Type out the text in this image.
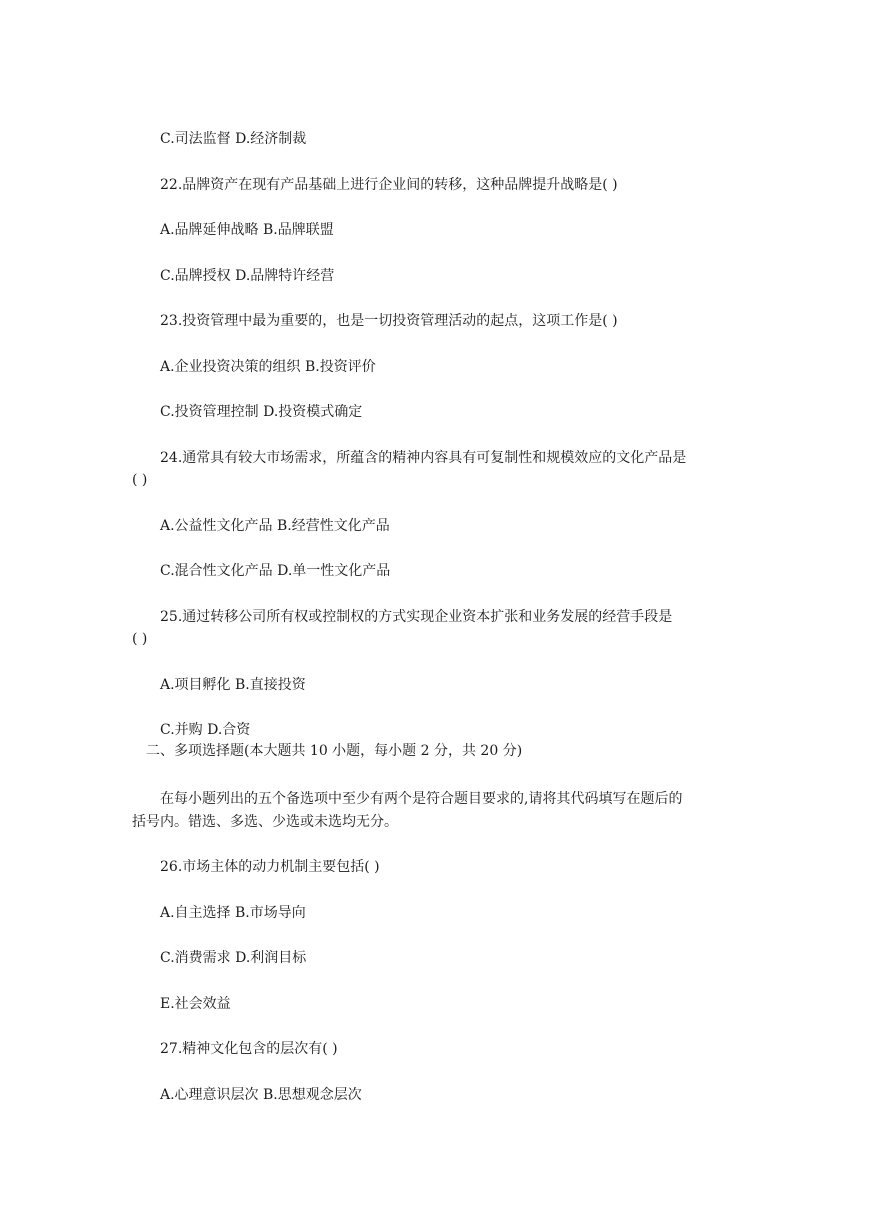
C.司法监督 D.经济制裁
22.品牌资产在现有产品基础上进行企业间的转移，这种品牌提升战略是( )
A.品牌延伸战略 B.品牌联盟
C.品牌授权 D.品牌特许经营
23.投资管理中最为重要的，也是一切投资管理活动的起点，这项工作是( )
A.企业投资决策的组织 B.投资评价
C.投资管理控制 D.投资模式确定
24.通常具有较大市场需求，所蕴含的精神内容具有可复制性和规模效应的文化产品是
( )
A.公益性文化产品 B.经营性文化产品
C.混合性文化产品 D.单一性文化产品
25.通过转移公司所有权或控制权的方式实现企业资本扩张和业务发展的经营手段是
( )
A.项目孵化 B.直接投资
C.并购 D.合资
二、多项选择题(本大题共 10 小题，每小题 2 分，共 20 分)
在每小题列出的五个备选项中至少有两个是符合题目要求的,请将其代码填写在题后的
括号内。错选、多选、少选或未选均无分。
26.市场主体的动力机制主要包括( )
A.自主选择 B.市场导向
C.消费需求 D.利润目标
E.社会效益
27.精神文化包含的层次有( )
A.心理意识层次 B.思想观念层次
